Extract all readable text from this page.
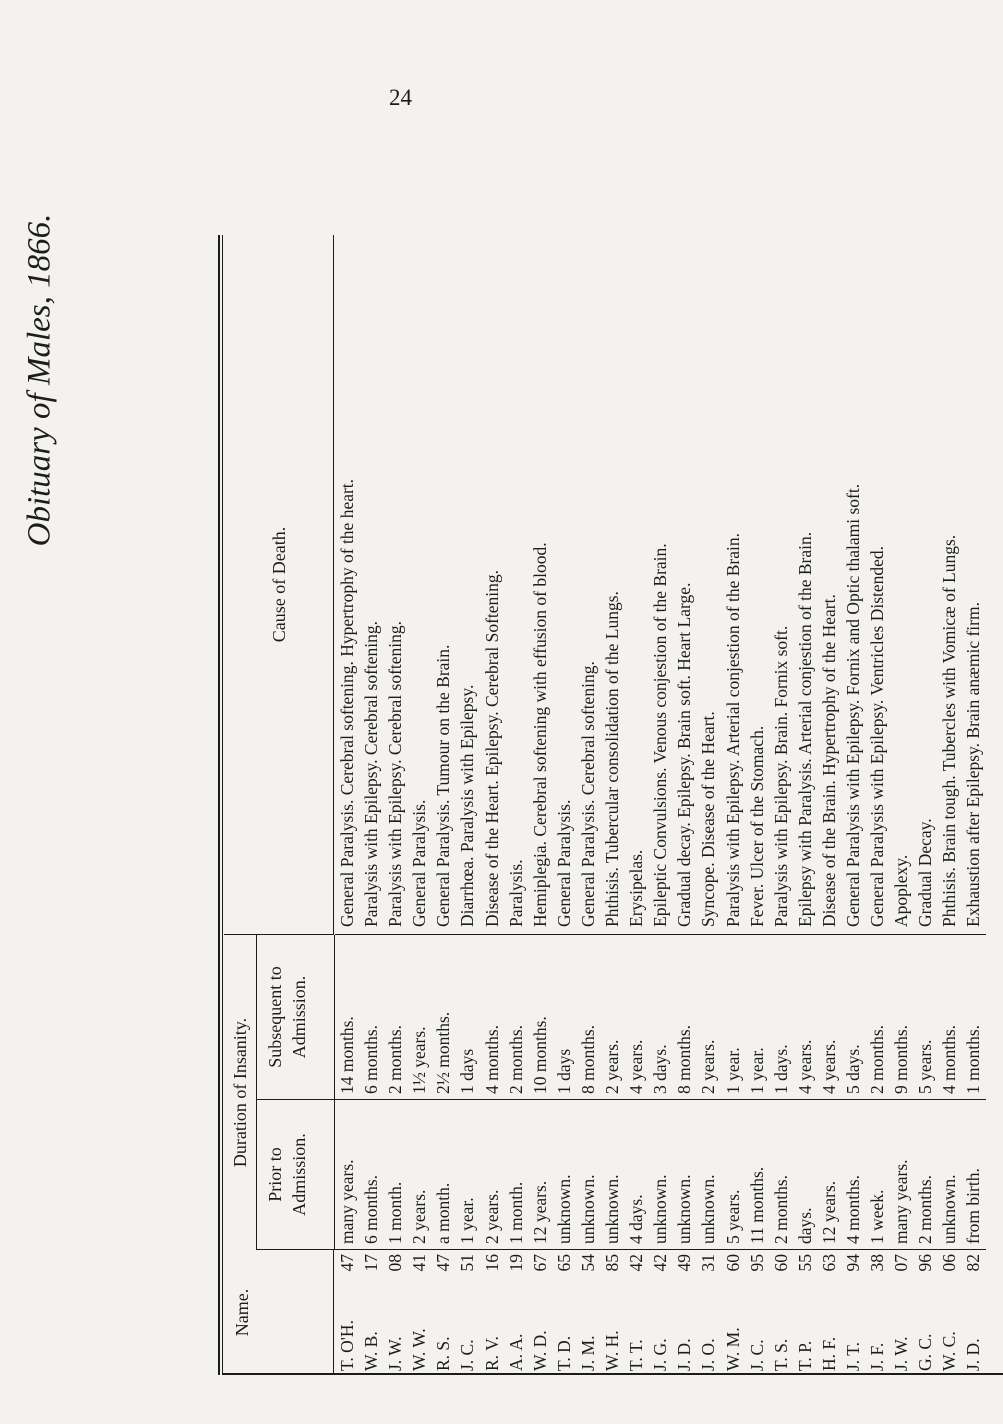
24
Obituary of Males, 1866.
Name.
Duration of Insanity.
Cause of Death.
Prior to Admission.
Subsequent to Admission.
T. O'H.
47
many years.
14 months.
General Paralysis. Cerebral softening. Hypertrophy of the heart.
W. B.
17
6 months.
6 months.
Paralysis with Epilepsy. Cerebral softening.
J. W.
08
1 month.
2 months.
Paralysis with Epilepsy. Cerebral softening.
W. W.
41
2 years.
1½ years.
General Paralysis.
R. S.
47
a month.
2½ months.
General Paralysis. Tumour on the Brain.
J. C.
51
1 year.
1 days
Diarrhœa. Paralysis with Epilepsy.
R. V.
16
2 years.
4 months.
Disease of the Heart. Epilepsy. Cerebral Softening.
A. A.
19
1 month.
2 months.
Paralysis.
W. D.
67
12 years.
10 months.
Hemiplegia. Cerebral softening with effusion of blood.
T. D.
65
unknown.
1 days
General Paralysis.
J. M.
54
unknown.
8 months.
General Paralysis. Cerebral softening.
W. H.
85
unknown.
2 years.
Phthisis. Tubercular consolidation of the Lungs.
T. T.
42
4 days.
4 years.
Erysipelas.
J. G.
42
unknown.
3 days.
Epileptic Convulsions. Venous conjestion of the Brain.
J. D.
49
unknown.
8 months.
Gradual decay. Epilepsy. Brain soft. Heart Large.
J. O.
31
unknown.
2 years.
Syncope. Disease of the Heart.
W. M.
60
5 years.
1 year.
Paralysis with Epilepsy. Arterial conjestion of the Brain.
J. C.
95
11 months.
1 year.
Fever. Ulcer of the Stomach.
T. S.
60
2 months.
1 days.
Paralysis with Epilepsy. Brain. Fornix soft.
T. P.
55
days.
4 years.
Epilepsy with Paralysis. Arterial conjestion of the Brain.
H. F.
63
12 years.
4 years.
Disease of the Brain. Hypertrophy of the Heart.
J. T.
94
4 months.
5 days.
General Paralysis with Epilepsy. Fornix and Optic thalami soft.
J. F.
38
1 week.
2 months.
General Paralysis with Epilepsy. Ventricles Distended.
J. W.
07
many years.
9 months.
Apoplexy.
G. C.
96
2 months.
5 years.
Gradual Decay.
W. C.
06
unknown.
4 months.
Phthisis. Brain tough. Tubercles with Vomicæ of Lungs.
J. D.
82
from birth.
1 months.
Exhaustion after Epilepsy. Brain anæmic firm.
